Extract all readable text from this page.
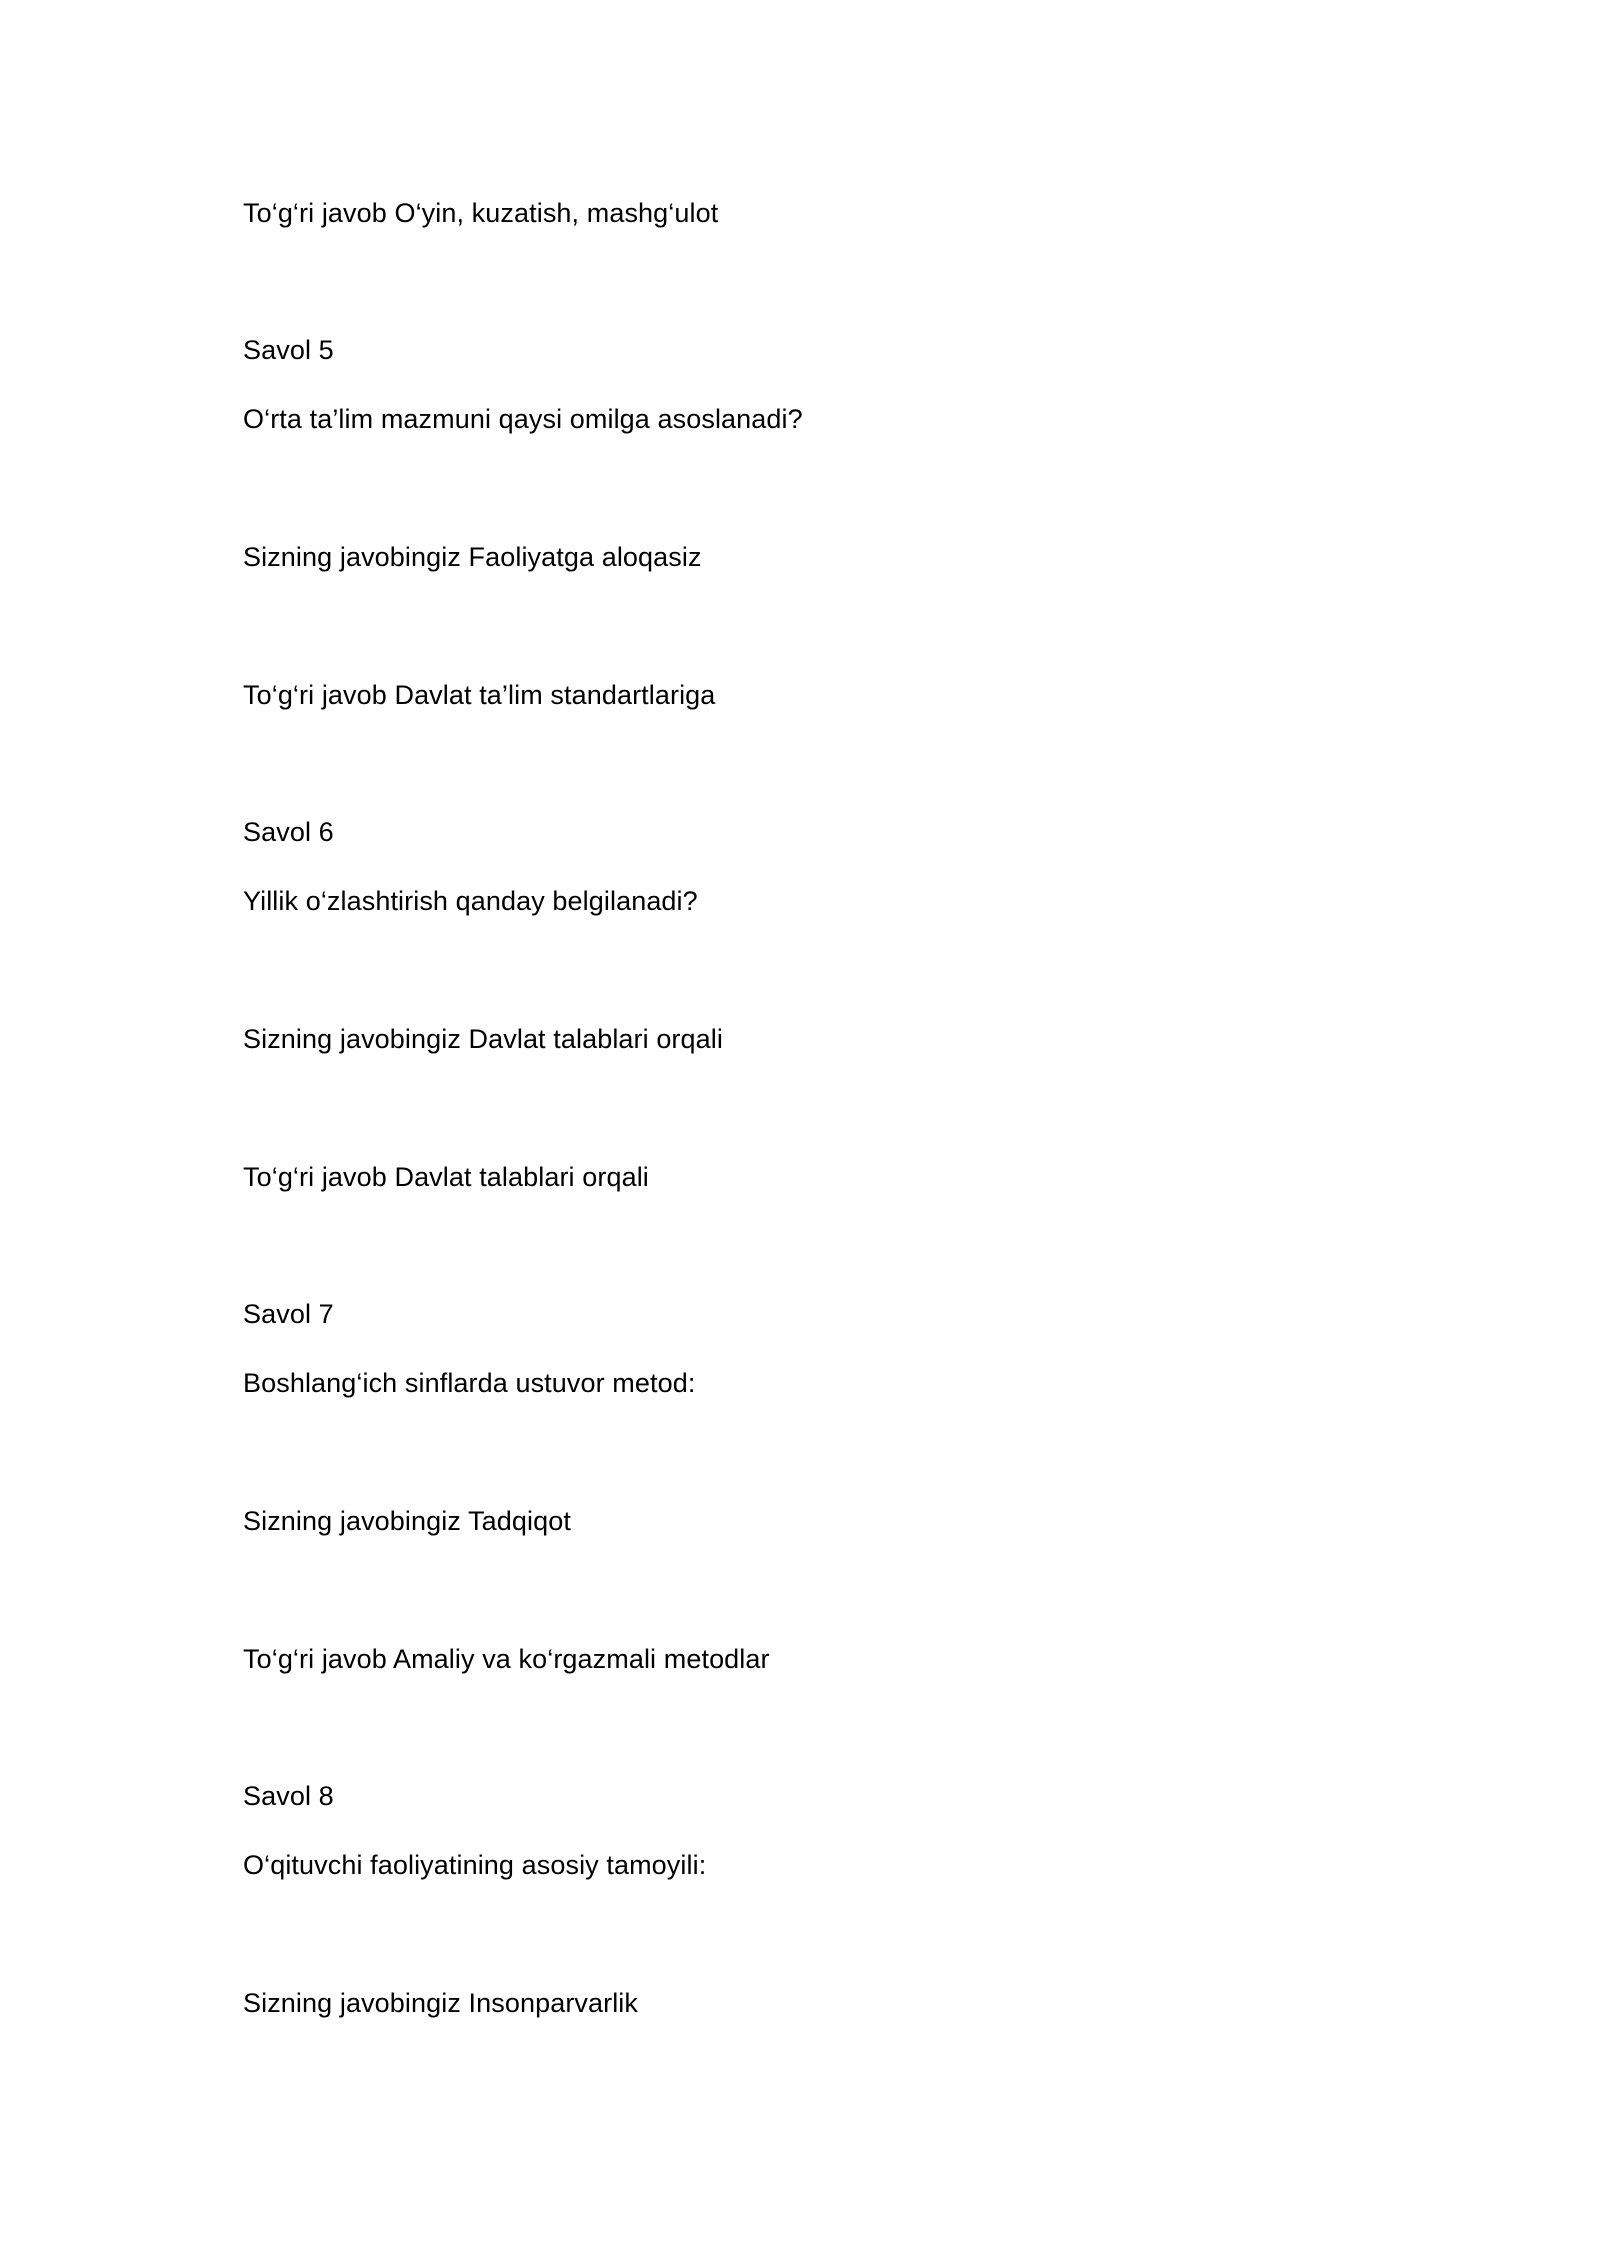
To‘g‘ri javob O‘yin, kuzatish, mashg‘ulot
Savol 5
O‘rta ta’lim mazmuni qaysi omilga asoslanadi?
Sizning javobingiz Faoliyatga aloqasiz
To‘g‘ri javob Davlat ta’lim standartlariga
Savol 6
Yillik o‘zlashtirish qanday belgilanadi?
Sizning javobingiz Davlat talablari orqali
To‘g‘ri javob Davlat talablari orqali
Savol 7
Boshlang‘ich sinflarda ustuvor metod:
Sizning javobingiz Tadqiqot
To‘g‘ri javob Amaliy va ko‘rgazmali metodlar
Savol 8
O‘qituvchi faoliyatining asosiy tamoyili:
Sizning javobingiz Insonparvarlik
